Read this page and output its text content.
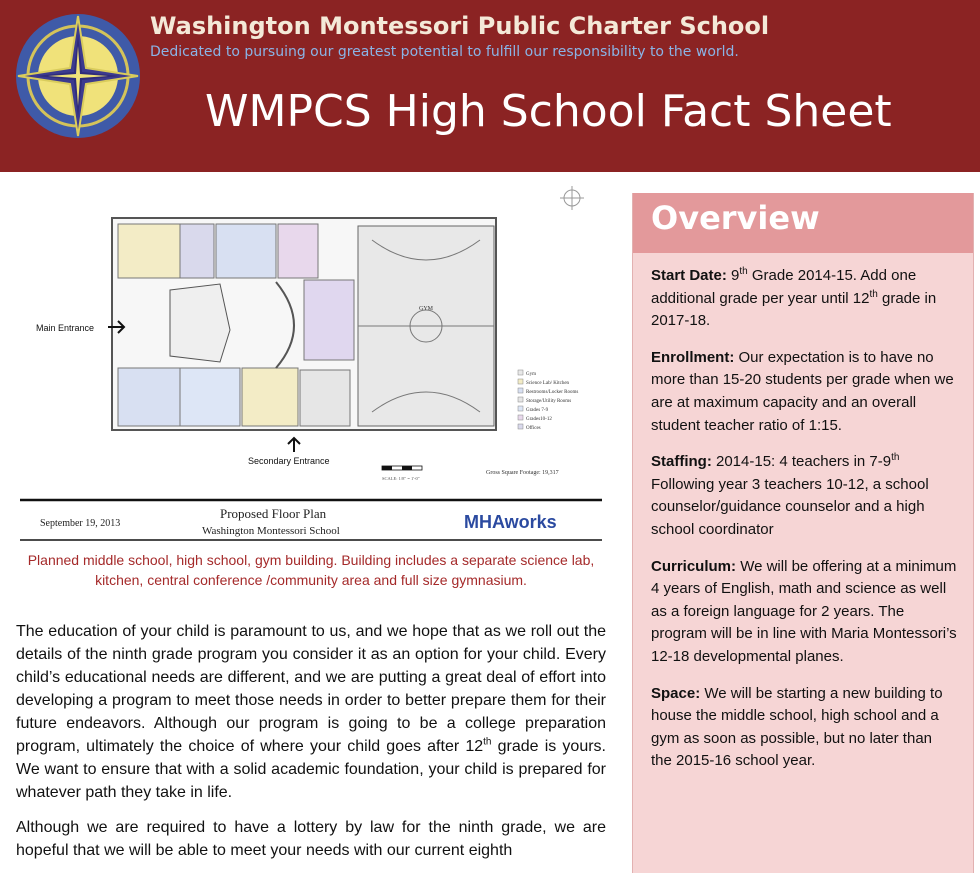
Washington Montessori Public Charter School
Dedicated to pursuing our greatest potential to fulfill our responsibility to the world.
WMPCS High School Fact Sheet
GYM
Main Entrance
Secondary Entrance
Gym
Science Lab/ Kitchen
Restrooms/Locker Rooms
Storage/Utility Rooms
Grades 7-9
Grades10-12
Offices
SCALE: 1/8" = 1'-0"
Gross Square Footage: 19,317
September 19, 2013
Proposed Floor Plan
Washington Montessori School	MHAworks
Planned middle school, high school, gym building. Building includes a separate science lab, kitchen, central conference /community area and full size gymnasium.

The education of your child is paramount to us, and we hope that as we roll out the details of the ninth grade program you consider it as an option for your child. Every child’s educational needs are different, and we are putting a great deal of effort into developing a program to meet those needs in order to better prepare them for their future endeavors. Although our program is going to be a college preparation program, ultimately the choice of where your child goes after 12th grade is yours. We want to ensure that with a solid academic foundation, your child is prepared for whatever path they take in life.

Although we are required to have a lottery by law for the ninth grade, we are hopeful that we will be able to meet your needs with our current eighth

Overview
Start Date: 9th Grade 2014-15. Add one additional grade per year until 12th grade in 2017-18.
Enrollment: Our expectation is to have no more than 15-20 students per grade when we are at maximum capacity and an overall student teacher ratio of 1:15.
Staffing: 2014-15: 4 teachers in 7-9th Following year 3 teachers 10-12, a school counselor/guidance counselor and a high school coordinator
Curriculum: We will be offering at a minimum 4 years of English, math and science as well as a foreign language for 2 years. The program will be in line with Maria Montessori’s 12-18 developmental planes.
Space: We will be starting a new building to house the middle school, high school and a gym as soon as possible, but no later than the 2015-16 school year.
